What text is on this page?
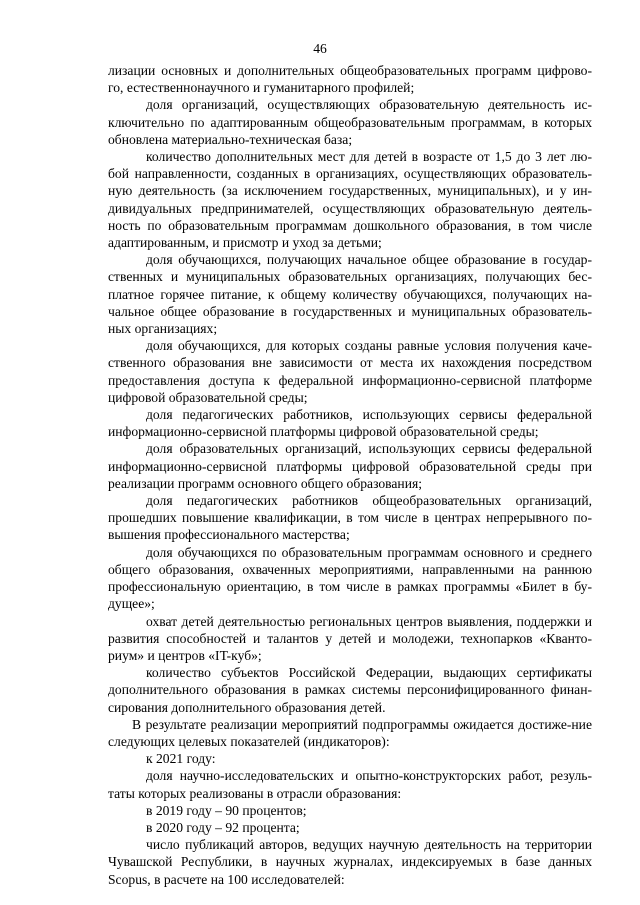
46

лизации основных и дополнительных общеобразовательных программ цифрово-го, естественнонаучного и гуманитарного профилей;

доля организаций, осуществляющих образовательную деятельность ис-ключительно по адаптированным общеобразовательным программам, в которых обновлена материально-техническая база;

количество дополнительных мест для детей в возрасте от 1,5 до 3 лет лю-бой направленности, созданных в организациях, осуществляющих образователь-ную деятельность (за исключением государственных, муниципальных), и у ин-дивидуальных предпринимателей, осуществляющих образовательную деятель-ность по образовательным программам дошкольного образования, в том числе адаптированным, и присмотр и уход за детьми;

доля обучающихся, получающих начальное общее образование в государ-ственных и муниципальных образовательных организациях, получающих бес-платное горячее питание, к общему количеству обучающихся, получающих на-чальное общее образование в государственных и муниципальных образователь-ных организациях;

доля обучающихся, для которых созданы равные условия получения каче-ственного образования вне зависимости от места их нахождения посредством предоставления доступа к федеральной информационно-сервисной платформе цифровой образовательной среды;

доля педагогических работников, использующих сервисы федеральной информационно-сервисной платформы цифровой образовательной среды;

доля образовательных организаций, использующих сервисы федеральной информационно-сервисной платформы цифровой образовательной среды при реализации программ основного общего образования;

доля педагогических работников общеобразовательных организаций, прошедших повышение квалификации, в том числе в центрах непрерывного по-вышения профессионального мастерства;

доля обучающихся по образовательным программам основного и среднего общего образования, охваченных мероприятиями, направленными на раннюю профессиональную ориентацию, в том числе в рамках программы «Билет в бу-дущее»;

охват детей деятельностью региональных центров выявления, поддержки и развития способностей и талантов у детей и молодежи, технопарков «Кванто-риум» и центров «IT-куб»;

количество субъектов Российской Федерации, выдающих сертификаты дополнительного образования в рамках системы персонифицированного финан-сирования дополнительного образования детей.

В результате реализации мероприятий подпрограммы ожидается достиже-ние следующих целевых показателей (индикаторов):

к 2021 году:

доля научно-исследовательских и опытно-конструкторских работ, резуль-таты которых реализованы в отрасли образования:

в 2019 году – 90 процентов;

в 2020 году – 92 процента;

число публикаций авторов, ведущих научную деятельность на территории Чувашской Республики, в научных журналах, индексируемых в базе данных Scopus, в расчете на 100 исследователей:
